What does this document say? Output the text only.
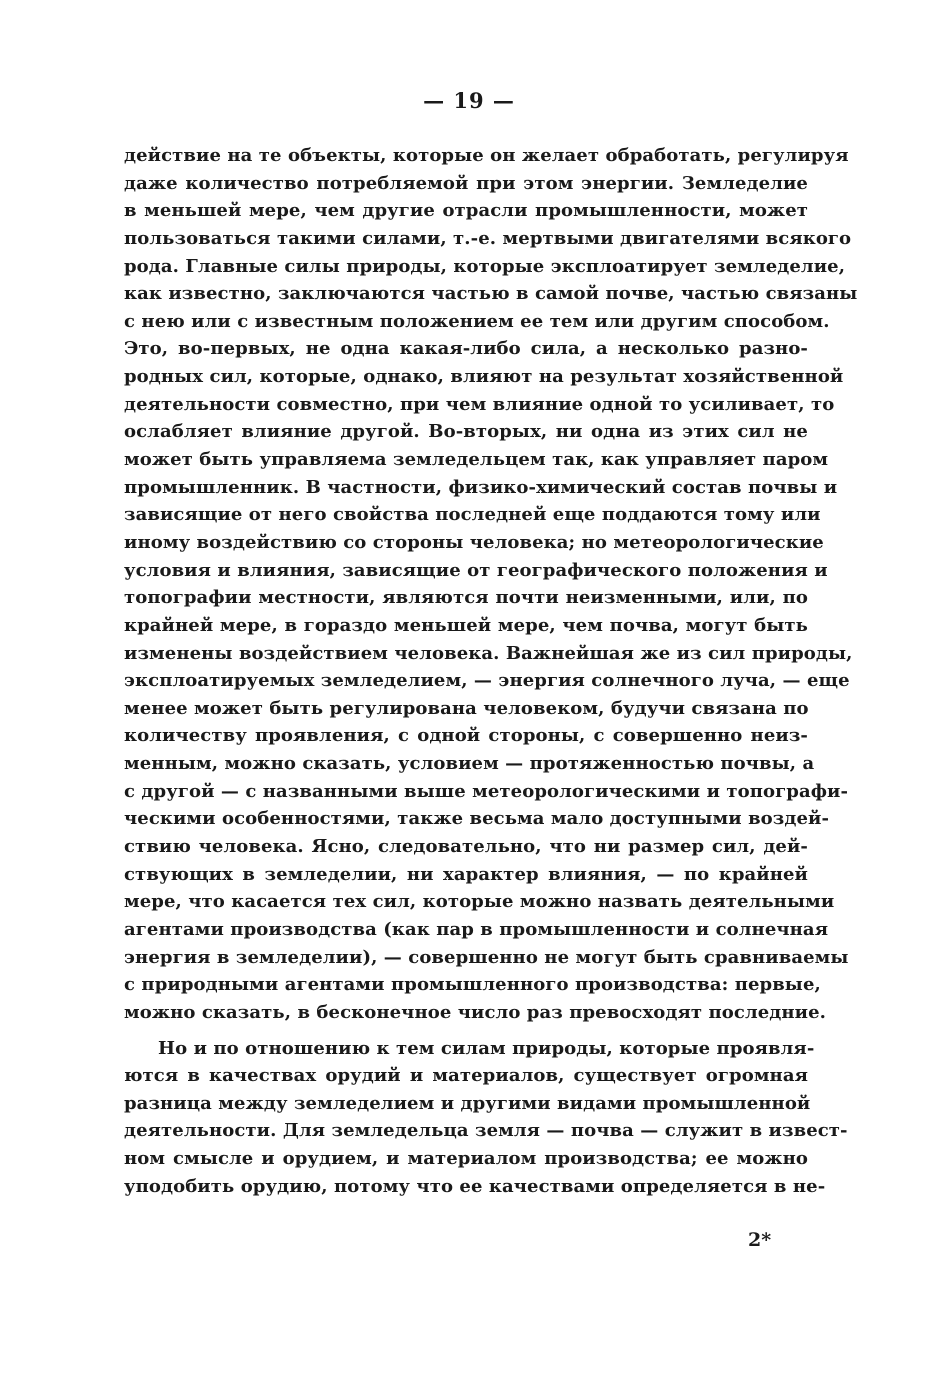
— 19 —
действие на те объекты, которые он желает обработать, регулируя
даже количество потребляемой при этом энергии. Земледелие
в меньшей мере, чем другие отрасли промышленности, может
пользоваться такими силами, т.-е. мертвыми двигателями всякого
рода. Главные силы природы, которые эксплоатирует земледелие,
как известно, заключаются частью в самой почве, частью связаны
с нею или с известным положением ее тем или другим способом.
Это, во-первых, не одна какая-либо сила, а несколько разно-
родных сил, которые, однако, влияют на результат хозяйственной
деятельности совместно, при чем влияние одной то усиливает, то
ослабляет влияние другой. Во-вторых, ни одна из этих сил не
может быть управляема земледельцем так, как управляет паром
промышленник. В частности, физико-химический состав почвы и
зависящие от него свойства последней еще поддаются тому или
иному воздействию со стороны человека; но метеорологические
условия и влияния, зависящие от географического положения и
топографии местности, являются почти неизменными, или, по
крайней мере, в гораздо меньшей мере, чем почва, могут быть
изменены воздействием человека. Важнейшая же из сил природы,
эксплоатируемых земледелием, — энергия солнечного луча, — еще
менее может быть регулирована человеком, будучи связана по
количеству проявления, с одной стороны, с совершенно неиз-
менным, можно сказать, условием — протяженностью почвы, а
с другой — с названными выше метеорологическими и топографи-
ческими особенностями, также весьма мало доступными воздей-
ствию человека. Ясно, следовательно, что ни размер сил, дей-
ствующих в земледелии, ни характер влияния, — по крайней
мере, что касается тех сил, которые можно назвать деятельными
агентами производства (как пар в промышленности и солнечная
энергия в земледелии), — совершенно не могут быть сравниваемы
с природными агентами промышленного производства: первые,
можно сказать, в бесконечное число раз превосходят последние.
Но и по отношению к тем силам природы, которые проявля-
ются в качествах орудий и материалов, существует огромная
разница между земледелием и другими видами промышленной
деятельности. Для земледельца земля — почва — служит в извест-
ном смысле и орудием, и материалом производства; ее можно
уподобить орудию, потому что ее качествами определяется в не-
2*
